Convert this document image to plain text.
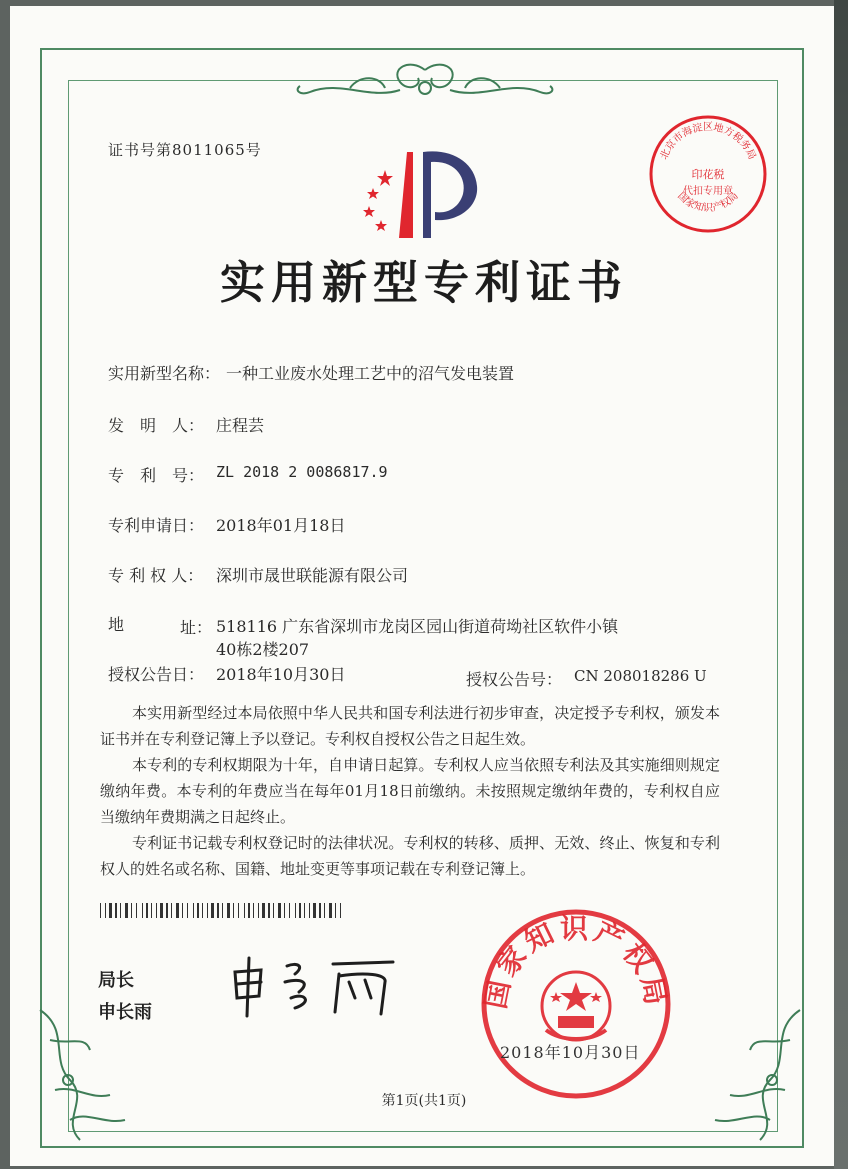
证书号第8011065号	北京市海淀区地方税务局
印花税
代扣专用章
国家知识产权局
实用新型专利证书
实用新型名称： 一种工业废水处理工艺中的沼气发电装置
发　明　人： 庄程芸
专　利　号： ZL 2018 2 0086817.9
专利申请日： 2018年01月18日
专 利 权 人： 深圳市晟世联能源有限公司
地	址： 518116 广东省深圳市龙岗区园山街道荷坳社区软件小镇40栋2楼207
授权公告日： 2018年10月30日	授权公告号： CN 208018286 U
本实用新型经过本局依照中华人民共和国专利法进行初步审查，决定授予专利权，颁发本证书并在专利登记簿上予以登记。专利权自授权公告之日起生效。
本专利的专利权期限为十年，自申请日起算。专利权人应当依照专利法及其实施细则规定缴纳年费。本专利的年费应当在每年01月18日前缴纳。未按照规定缴纳年费的，专利权自应当缴纳年费期满之日起终止。
专利证书记载专利权登记时的法律状况。专利权的转移、质押、无效、终止、恢复和专利权人的姓名或名称、国籍、地址变更等事项记载在专利登记簿上。
局长
申长雨
国家知识产权局
2018年10月30日
第1页(共1页)
